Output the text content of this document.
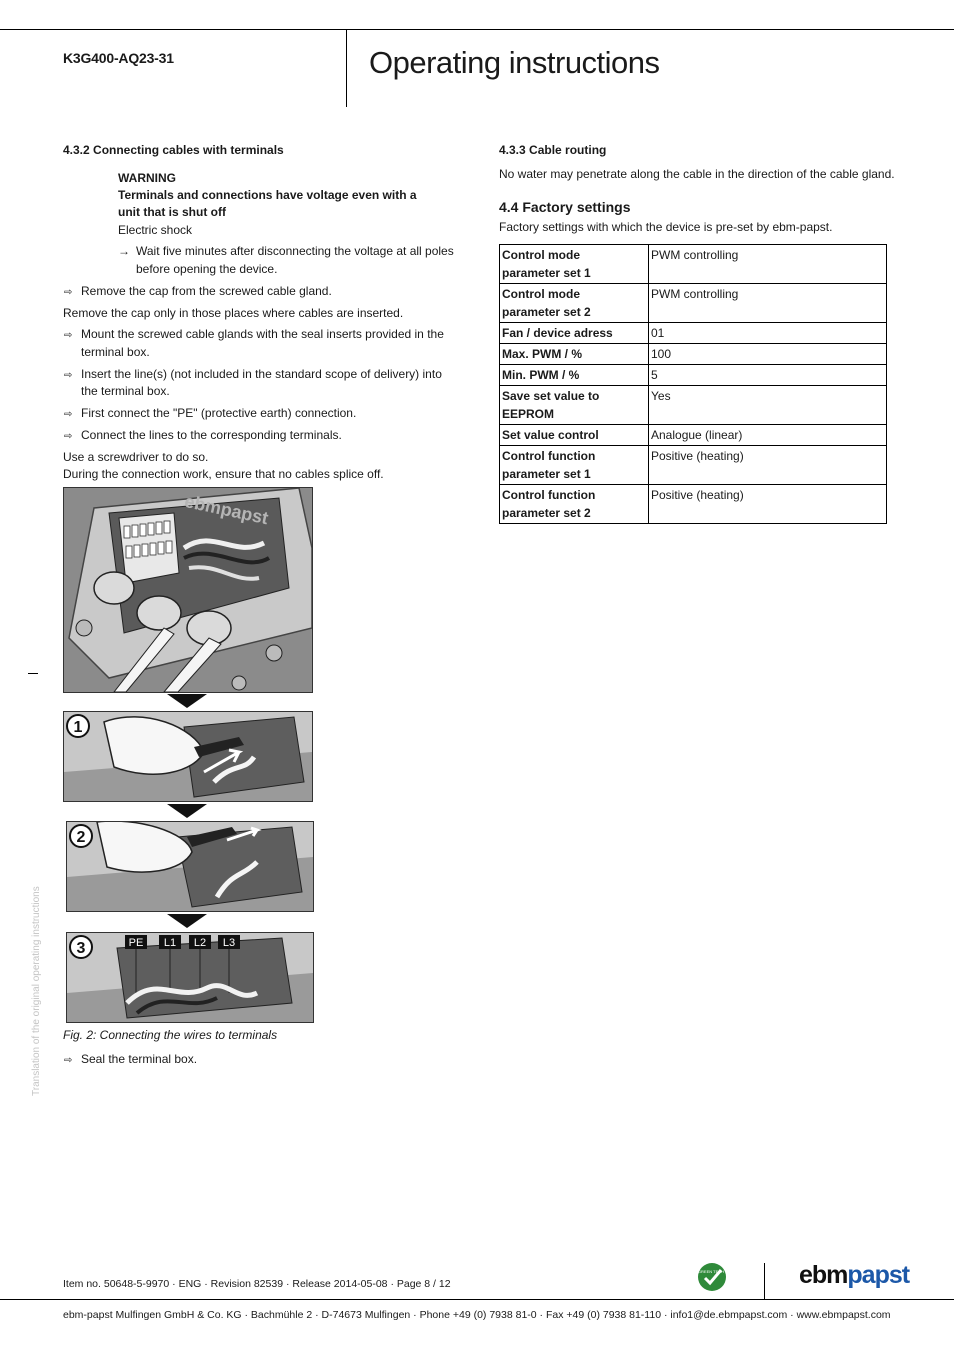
K3G400-AQ23-31	Operating instructions
4.3.2 Connecting cables with terminals
WARNING
Terminals and connections have voltage even with a
unit that is shut off
Electric shock
→ Wait five minutes after disconnecting the voltage at all poles
before opening the device.
⇨ Remove the cap from the screwed cable gland.
Remove the cap only in those places where cables are inserted.
⇨ Mount the screwed cable glands with the seal inserts provided in the
terminal box.
⇨ Insert the line(s) (not included in the standard scope of delivery) into
the terminal box.
⇨ First connect the "PE" (protective earth) connection.
⇨ Connect the lines to the corresponding terminals.
Use a screwdriver to do so.
During the connection work, ensure that no cables splice off.
ebmpapst
1
2
PE L1 L2 L3
3
Fig. 2: Connecting the wires to terminals
⇨ Seal the terminal box.
Translation of the original operating instructions
4.3.3 Cable routing
No water may penetrate along the cable in the direction of the cable gland.
4.4 Factory settings
Factory settings with which the device is pre-set by ebm-papst.
Control mode
parameter set 1	PWM controlling
Control mode
parameter set 2	PWM controlling
Fan / device adress	01
Max. PWM / %	100
Min. PWM / %	5
Save set value to
EEPROM	Yes
Set value control	Analogue (linear)
Control function
parameter set 1	Positive (heating)
Control function
parameter set 2	Positive (heating)
Item no. 50648-5-9970 · ENG · Revision 82539 · Release 2014-05-08 · Page 8 / 12
GREEN TECH	ebmpapst
ebm-papst Mulfingen GmbH & Co. KG · Bachmühle 2 · D-74673 Mulfingen · Phone +49 (0) 7938 81-0 · Fax +49 (0) 7938 81-110 · info1@de.ebmpapst.com · www.ebmpapst.com
